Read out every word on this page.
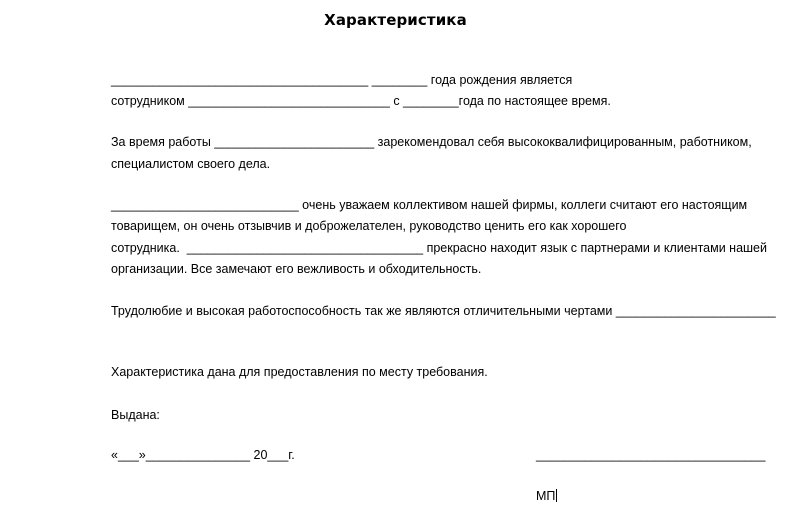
Характеристика
_____________________________________ ________ года рождения является
сотрудником _____________________________ с ________года по настоящее время.
За время работы _______________________ зарекомендовал себя высококвалифицированным, работником,
специалистом своего дела.
___________________________ очень уважаем коллективом нашей фирмы, коллеги считают его настоящим
товарищем, он очень отзывчив и доброжелателен, руководство ценить его как хорошего
сотрудника.  __________________________________ прекрасно находит язык с партнерами и клиентами нашей
организации. Все замечают его вежливость и обходительность.
Трудолюбие и высокая работоспособность так же являются отличительными чертами _______________________
Характеристика дана для предоставления по месту требования.
Выдана:
«___»_______________ 20___г.	_________________________________
МП
